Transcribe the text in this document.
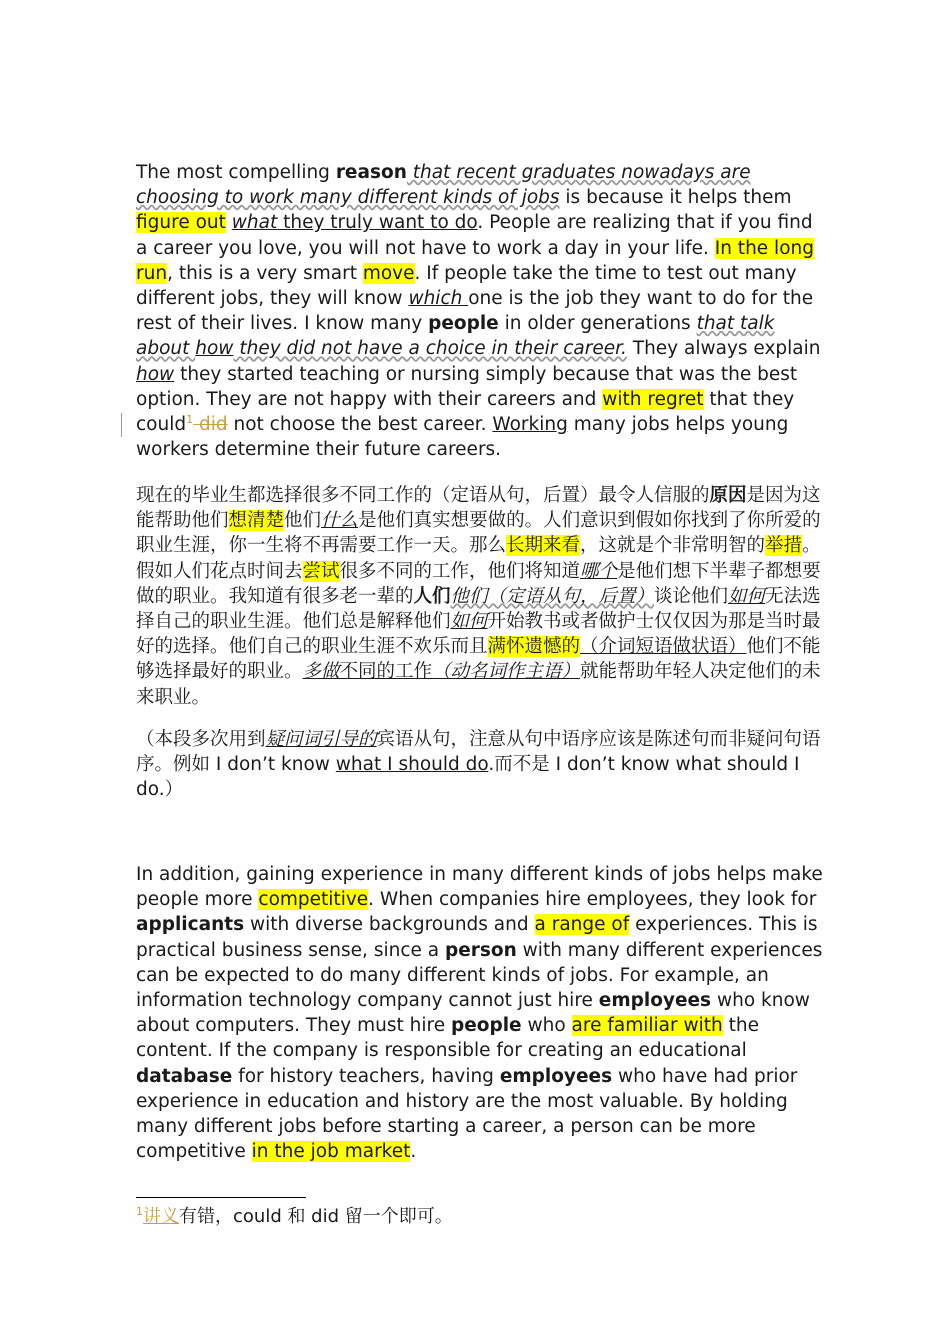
The most compelling reason that recent graduates nowadays are choosing to work many different kinds of jobs is because it helps them figure out what they truly want to do. People are realizing that if you find a career you love, you will not have to work a day in your life. In the long run, this is a very smart move. If people take the time to test out many different jobs, they will know which one is the job they want to do for the rest of their lives. I know many people in older generations that talk about how they did not have a choice in their career. They always explain how they started teaching or nursing simply because that was the best option. They are not happy with their careers and with regret that they could$^1$ did not choose the best career. Working many jobs helps young workers determine their future careers.

现在的毕业生都选择很多不同工作的（定语从句，后置）最令人信服的原因是因为这能帮助他们想清楚他们什么是他们真实想要做的。人们意识到假如你找到了你所爱的职业生涯，你一生将不再需要工作一天。那么长期来看，这就是个非常明智的举措。假如人们花点时间去尝试很多不同的工作，他们将知道哪个是他们想下半辈子都想要做的职业。我知道有很多老一辈的人们他们（定语从句，后置）谈论他们如何无法选择自己的职业生涯。他们总是解释他们如何开始教书或者做护士仅仅因为那是当时最好的选择。他们自己的职业生涯不欢乐而且满怀遗憾的（介词短语做状语）他们不能够选择最好的职业。多做不同的工作（动名词作主语）就能帮助年轻人决定他们的未来职业。

（本段多次用到疑问词引导的宾语从句，注意从句中语序应该是陈述句而非疑问句语序。例如 I don’t know what I should do.而不是 I don’t know what should I do.）

In addition, gaining experience in many different kinds of jobs helps make people more competitive. When companies hire employees, they look for applicants with diverse backgrounds and a range of experiences. This is practical business sense, since a person with many different experiences can be expected to do many different kinds of jobs. For example, an information technology company cannot just hire employees who know about computers. They must hire people who are familiar with the content. If the company is responsible for creating an educational database for history teachers, having employees who have had prior experience in education and history are the most valuable. By holding many different jobs before starting a career, a person can be more competitive in the job market.

$^1$讲义有错，could 和 did 留一个即可。
